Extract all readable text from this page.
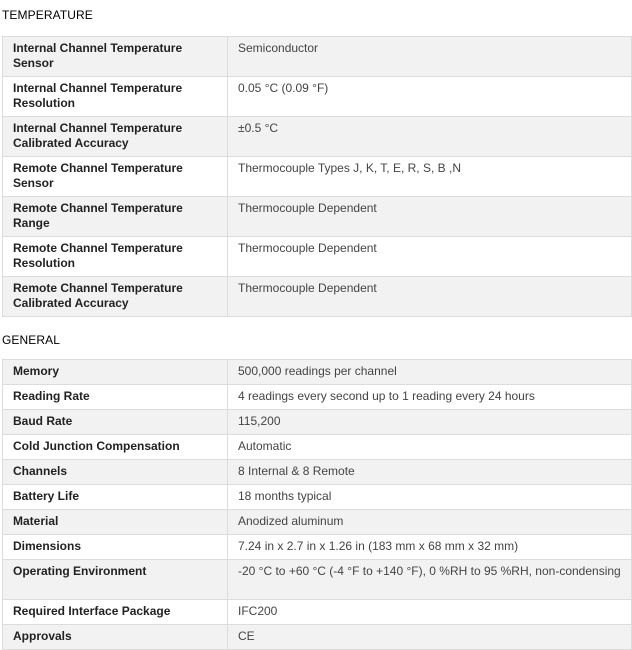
TEMPERATURE
Internal Channel Temperature Sensor	Semiconductor
Internal Channel Temperature Resolution	0.05 °C (0.09 °F)
Internal Channel Temperature Calibrated Accuracy	±0.5 °C
Remote Channel Temperature Sensor	Thermocouple Types J, K, T, E, R, S, B ,N
Remote Channel Temperature Range	Thermocouple Dependent
Remote Channel Temperature Resolution	Thermocouple Dependent
Remote Channel Temperature Calibrated Accuracy	Thermocouple Dependent
GENERAL
Memory	500,000 readings per channel
Reading Rate	4 readings every second up to 1 reading every 24 hours
Baud Rate	115,200
Cold Junction Compensation	Automatic
Channels	8 Internal & 8 Remote
Battery Life	18 months typical
Material	Anodized aluminum
Dimensions	7.24 in x 2.7 in x 1.26 in (183 mm x 68 mm x 32 mm)
Operating Environment	-20 °C to +60 °C (-4 °F to +140 °F), 0 %RH to 95 %RH, non-condensing
Required Interface Package	IFC200
Approvals	CE
